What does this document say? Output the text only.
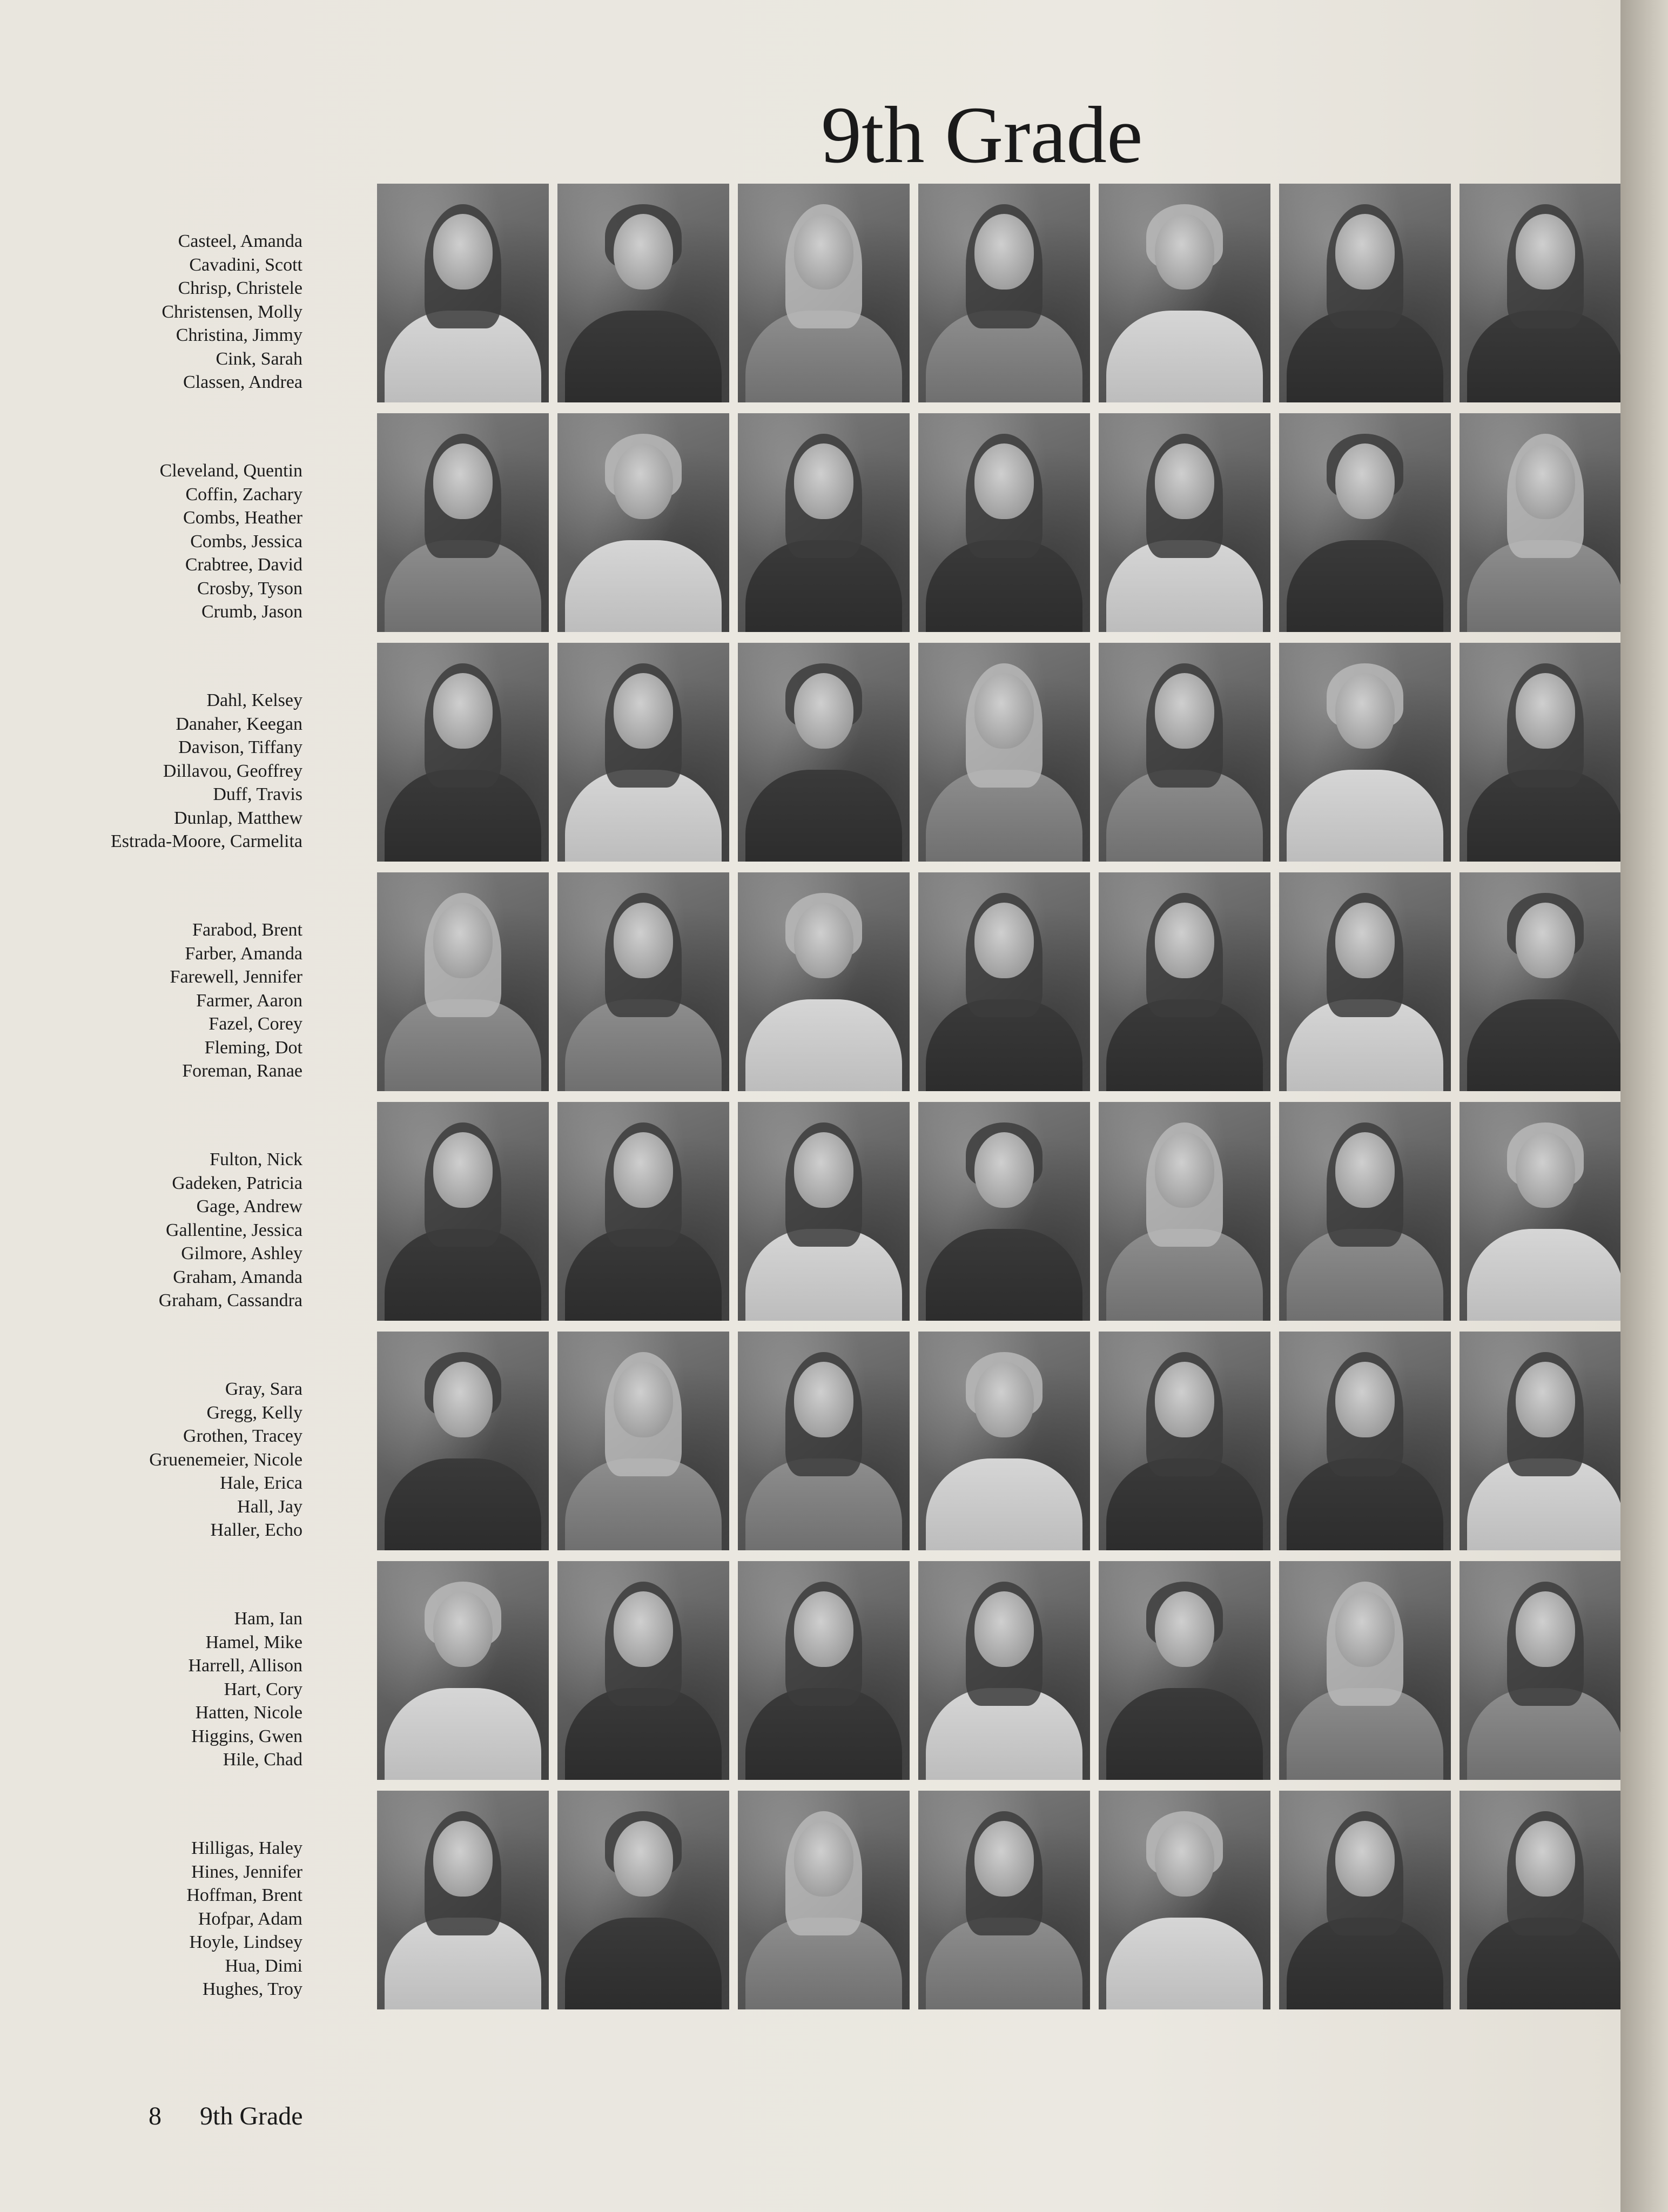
9th Grade
Casteel, Amanda
Cavadini, Scott
Chrisp, Christele
Christensen, Molly
Christina, Jimmy
Cink, Sarah
Classen, Andrea
Cleveland, Quentin
Coffin, Zachary
Combs, Heather
Combs, Jessica
Crabtree, David
Crosby, Tyson
Crumb, Jason
Dahl, Kelsey
Danaher, Keegan
Davison, Tiffany
Dillavou, Geoffrey
Duff, Travis
Dunlap, Matthew
Estrada-Moore, Carmelita
Farabod, Brent
Farber, Amanda
Farewell, Jennifer
Farmer, Aaron
Fazel, Corey
Fleming, Dot
Foreman, Ranae
Fulton, Nick
Gadeken, Patricia
Gage, Andrew
Gallentine, Jessica
Gilmore, Ashley
Graham, Amanda
Graham, Cassandra
Gray, Sara
Gregg, Kelly
Grothen, Tracey
Gruenemeier, Nicole
Hale, Erica
Hall, Jay
Haller, Echo
Ham, Ian
Hamel, Mike
Harrell, Allison
Hart, Cory
Hatten, Nicole
Higgins, Gwen
Hile, Chad
Hilligas, Haley
Hines, Jennifer
Hoffman, Brent
Hofpar, Adam
Hoyle, Lindsey
Hua, Dimi
Hughes, Troy
8 9th Grade
